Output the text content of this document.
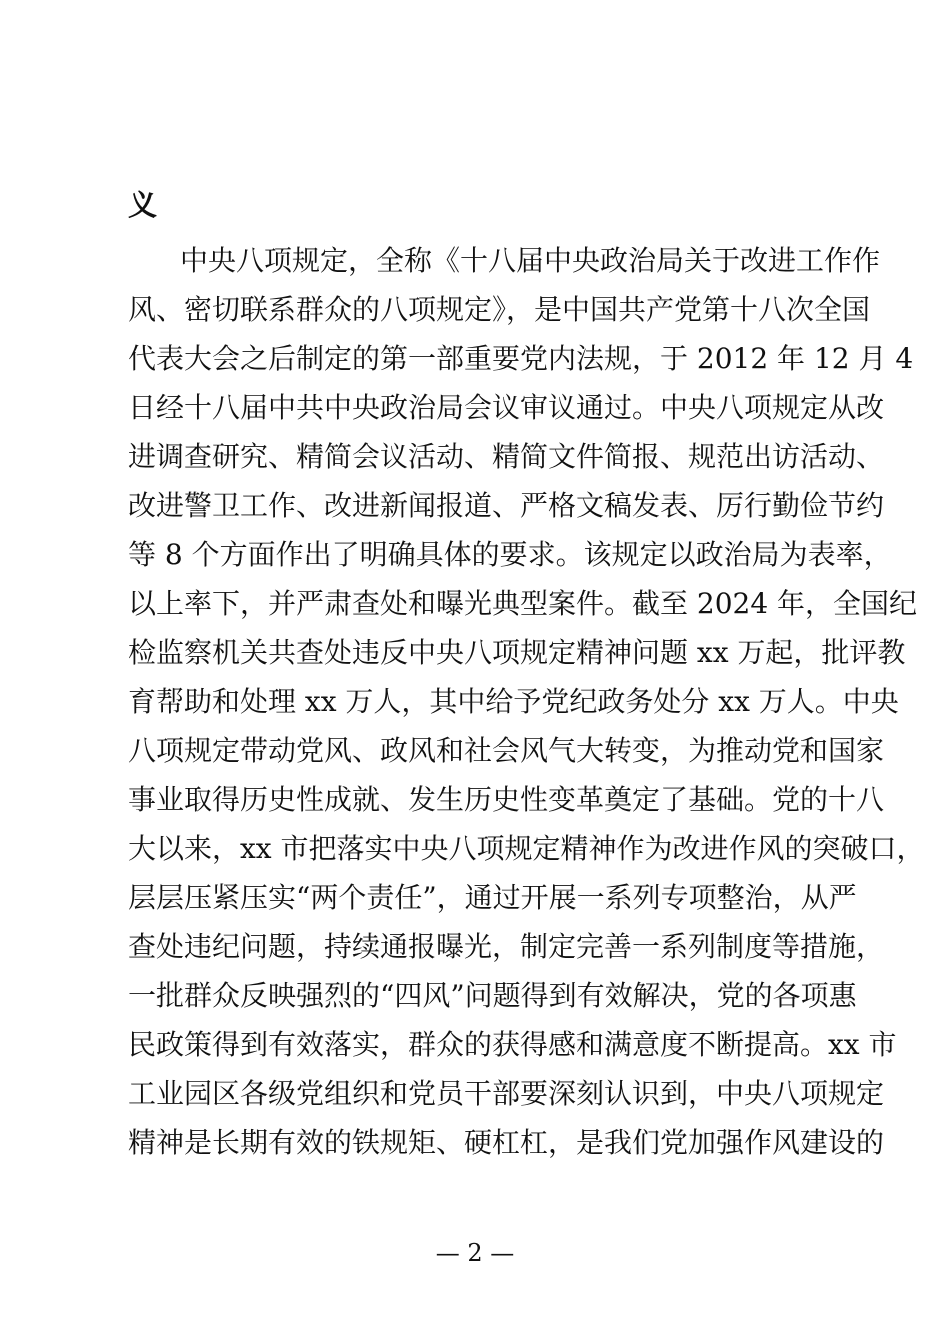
义
中央八项规定，全称《十八届中央政治局关于改进工作作
风、密切联系群众的八项规定》，是中国共产党第十八次全国
代表大会之后制定的第一部重要党内法规，于 2012 年 12 月 4
日经十八届中共中央政治局会议审议通过。中央八项规定从改
进调查研究、精简会议活动、精简文件简报、规范出访活动、
改进警卫工作、改进新闻报道、严格文稿发表、厉行勤俭节约
等 8 个方面作出了明确具体的要求。该规定以政治局为表率，
以上率下，并严肃查处和曝光典型案件。截至 2024 年，全国纪
检监察机关共查处违反中央八项规定精神问题 xx 万起，批评教
育帮助和处理 xx 万人，其中给予党纪政务处分 xx 万人。中央
八项规定带动党风、政风和社会风气大转变，为推动党和国家
事业取得历史性成就、发生历史性变革奠定了基础。党的十八
大以来，xx 市把落实中央八项规定精神作为改进作风的突破口，
层层压紧压实“两个责任”，通过开展一系列专项整治，从严
查处违纪问题，持续通报曝光，制定完善一系列制度等措施，
一批群众反映强烈的“四风”问题得到有效解决，党的各项惠
民政策得到有效落实，群众的获得感和满意度不断提高。xx 市
工业园区各级党组织和党员干部要深刻认识到，中央八项规定
精神是长期有效的铁规矩、硬杠杠，是我们党加强作风建设的
— 2 —
